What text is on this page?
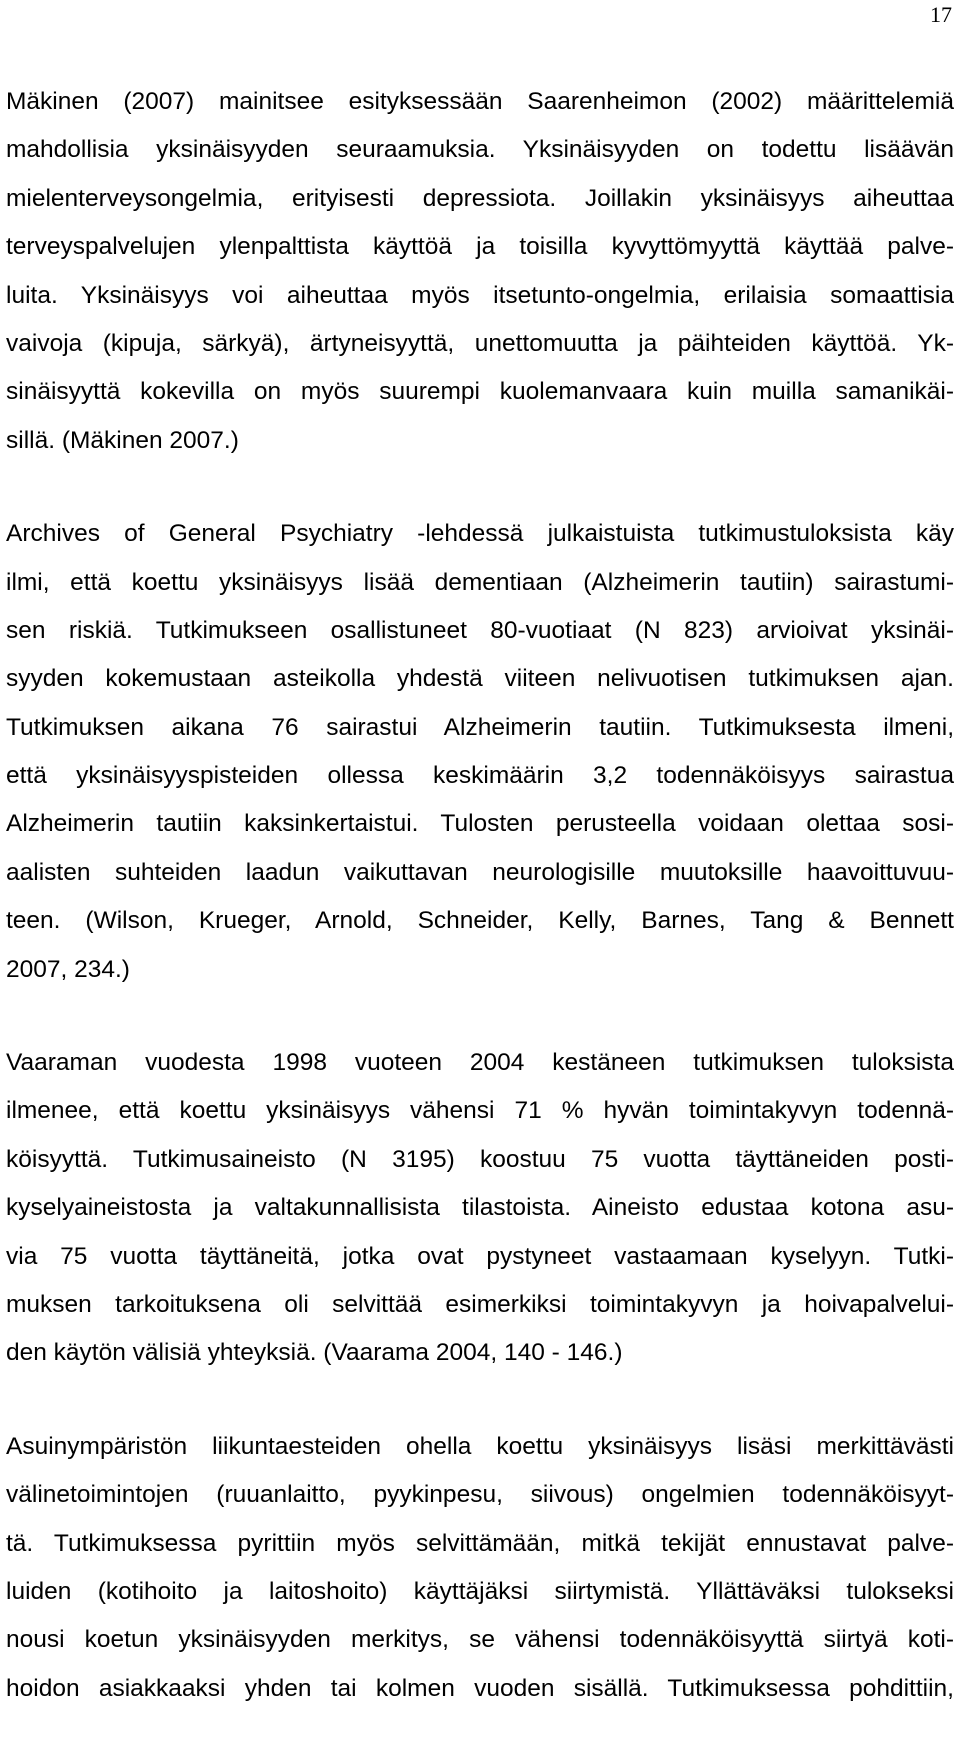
17
Mäkinen (2007) mainitsee esityksessään Saarenheimon (2002) määrittelemiä
mahdollisia yksinäisyyden seuraamuksia. Yksinäisyyden on todettu lisäävän
mielenterveysongelmia, erityisesti depressiota. Joillakin yksinäisyys aiheuttaa
terveyspalvelujen ylenpalttista käyttöä ja toisilla kyvyttömyyttä käyttää palve-
luita. Yksinäisyys voi aiheuttaa myös itsetunto-ongelmia, erilaisia somaattisia
vaivoja (kipuja, särkyä), ärtyneisyyttä, unettomuutta ja päihteiden käyttöä. Yk-
sinäisyyttä kokevilla on myös suurempi kuolemanvaara kuin muilla samanikäi-
sillä. (Mäkinen 2007.)
Archives of General Psychiatry -lehdessä julkaistuista tutkimustuloksista käy
ilmi, että koettu yksinäisyys lisää dementiaan (Alzheimerin tautiin) sairastumi-
sen riskiä. Tutkimukseen osallistuneet 80-vuotiaat (N 823) arvioivat yksinäi-
syyden kokemustaan asteikolla yhdestä viiteen nelivuotisen tutkimuksen ajan.
Tutkimuksen aikana 76 sairastui Alzheimerin tautiin. Tutkimuksesta ilmeni,
että yksinäisyyspisteiden ollessa keskimäärin 3,2 todennäköisyys sairastua
Alzheimerin tautiin kaksinkertaistui. Tulosten perusteella voidaan olettaa sosi-
aalisten suhteiden laadun vaikuttavan neurologisille muutoksille haavoittuvuu-
teen. (Wilson, Krueger, Arnold, Schneider, Kelly, Barnes, Tang & Bennett
2007, 234.)
Vaaraman vuodesta 1998 vuoteen 2004 kestäneen tutkimuksen tuloksista
ilmenee, että koettu yksinäisyys vähensi 71 % hyvän toimintakyvyn todennä-
köisyyttä. Tutkimusaineisto (N 3195) koostuu 75 vuotta täyttäneiden posti-
kyselyaineistosta ja valtakunnallisista tilastoista. Aineisto edustaa kotona asu-
via 75 vuotta täyttäneitä, jotka ovat pystyneet vastaamaan kyselyyn. Tutki-
muksen tarkoituksena oli selvittää esimerkiksi toimintakyvyn ja hoivapalvelui-
den käytön välisiä yhteyksiä. (Vaarama 2004, 140 - 146.)
Asuinympäristön liikuntaesteiden ohella koettu yksinäisyys lisäsi merkittävästi
välinetoimintojen (ruuanlaitto, pyykinpesu, siivous) ongelmien todennäköisyyt-
tä. Tutkimuksessa pyrittiin myös selvittämään, mitkä tekijät ennustavat palve-
luiden (kotihoito ja laitoshoito) käyttäjäksi siirtymistä. Yllättäväksi tulokseksi
nousi koetun yksinäisyyden merkitys, se vähensi todennäköisyyttä siirtyä koti-
hoidon asiakkaaksi yhden tai kolmen vuoden sisällä. Tutkimuksessa pohdittiin,
